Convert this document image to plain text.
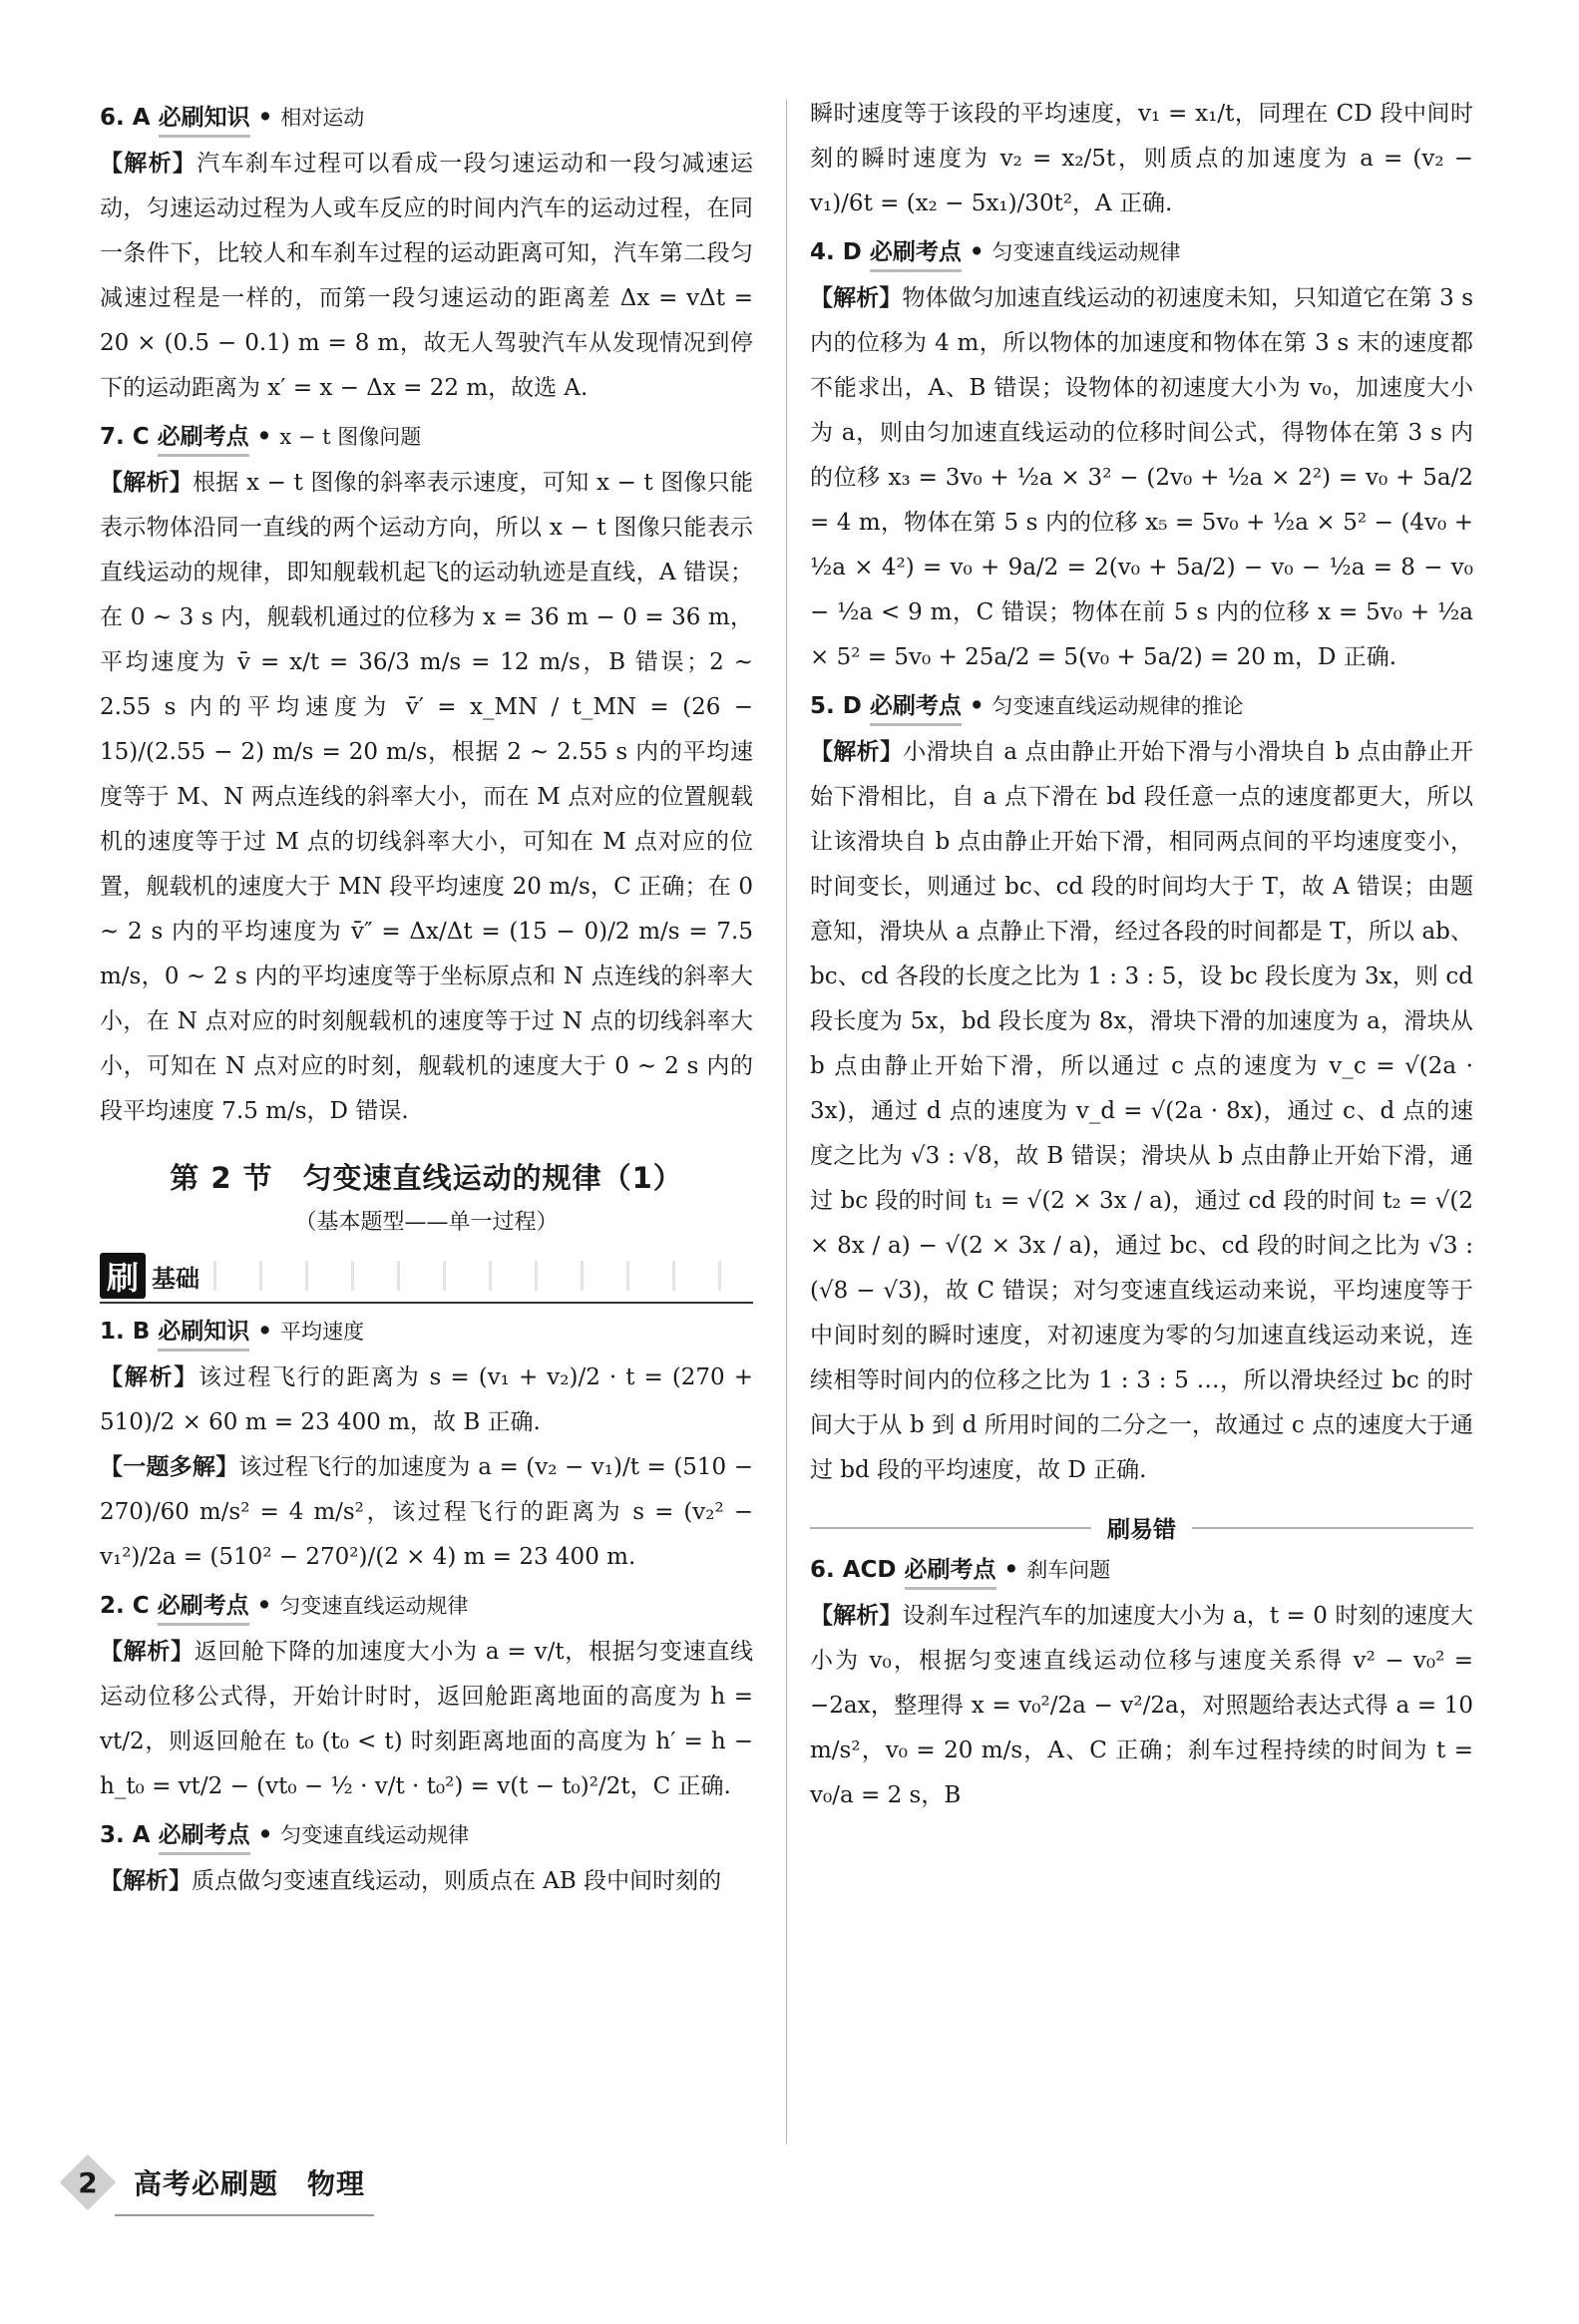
6. A 必刷知识 • 相对运动

【解析】汽车刹车过程可以看成一段匀速运动和一段匀减速运动，匀速运动过程为人或车反应的时间内汽车的运动过程，在同一条件下，比较人和车刹车过程的运动距离可知，汽车第二段匀减速过程是一样的，而第一段匀速运动的距离差 Δx = vΔt = 20 × (0.5 − 0.1) m = 8 m，故无人驾驶汽车从发现情况到停下的运动距离为 x′ = x − Δx = 22 m，故选 A.

7. C 必刷考点 • x − t 图像问题

【解析】根据 x − t 图像的斜率表示速度，可知 x − t 图像只能表示物体沿同一直线的两个运动方向，所以 x − t 图像只能表示直线运动的规律，即知舰载机起飞的运动轨迹是直线，A 错误；在 0 ~ 3 s 内，舰载机通过的位移为 x = 36 m − 0 = 36 m，平均速度为 v̄ = x/t = 36/3 m/s = 12 m/s，B 错误；2 ~ 2.55 s 内的平均速度为 v̄′ = x_MN / t_MN = (26 − 15)/(2.55 − 2) m/s = 20 m/s，根据 2 ~ 2.55 s 内的平均速度等于 M、N 两点连线的斜率大小，而在 M 点对应的位置舰载机的速度等于过 M 点的切线斜率大小，可知在 M 点对应的位置，舰载机的速度大于 MN 段平均速度 20 m/s，C 正确；在 0 ~ 2 s 内的平均速度为 v̄″ = Δx/Δt = (15 − 0)/2 m/s = 7.5 m/s，0 ~ 2 s 内的平均速度等于坐标原点和 N 点连线的斜率大小，在 N 点对应的时刻舰载机的速度等于过 N 点的切线斜率大小，可知在 N 点对应的时刻，舰载机的速度大于 0 ~ 2 s 内的段平均速度 7.5 m/s，D 错误.

第 2 节　匀变速直线运动的规律（1）
（基本题型——单一过程）
刷 基础
1. B 必刷知识 • 平均速度

【解析】该过程飞行的距离为 s = (v₁ + v₂)/2 · t = (270 + 510)/2 × 60 m = 23 400 m，故 B 正确.

【一题多解】该过程飞行的加速度为 a = (v₂ − v₁)/t = (510 − 270)/60 m/s² = 4 m/s²，该过程飞行的距离为 s = (v₂² − v₁²)/2a = (510² − 270²)/(2 × 4) m = 23 400 m.

2. C 必刷考点 • 匀变速直线运动规律

【解析】返回舱下降的加速度大小为 a = v/t，根据匀变速直线运动位移公式得，开始计时时，返回舱距离地面的高度为 h = vt/2，则返回舱在 t₀ (t₀ < t) 时刻距离地面的高度为 h′ = h − h_t₀ = vt/2 − (vt₀ − ½ · v/t · t₀²) = v(t − t₀)²/2t，C 正确.

3. A 必刷考点 • 匀变速直线运动规律

【解析】质点做匀变速直线运动，则质点在 AB 段中间时刻的

瞬时速度等于该段的平均速度，v₁ = x₁/t，同理在 CD 段中间时刻的瞬时速度为 v₂ = x₂/5t，则质点的加速度为 a = (v₂ − v₁)/6t = (x₂ − 5x₁)/30t²，A 正确.

4. D 必刷考点 • 匀变速直线运动规律

【解析】物体做匀加速直线运动的初速度未知，只知道它在第 3 s 内的位移为 4 m，所以物体的加速度和物体在第 3 s 末的速度都不能求出，A、B 错误；设物体的初速度大小为 v₀，加速度大小为 a，则由匀加速直线运动的位移时间公式，得物体在第 3 s 内的位移 x₃ = 3v₀ + ½a × 3² − (2v₀ + ½a × 2²) = v₀ + 5a/2 = 4 m，物体在第 5 s 内的位移 x₅ = 5v₀ + ½a × 5² − (4v₀ + ½a × 4²) = v₀ + 9a/2 = 2(v₀ + 5a/2) − v₀ − ½a = 8 − v₀ − ½a < 9 m，C 错误；物体在前 5 s 内的位移 x = 5v₀ + ½a × 5² = 5v₀ + 25a/2 = 5(v₀ + 5a/2) = 20 m，D 正确.

5. D 必刷考点 • 匀变速直线运动规律的推论

【解析】小滑块自 a 点由静止开始下滑与小滑块自 b 点由静止开始下滑相比，自 a 点下滑在 bd 段任意一点的速度都更大，所以让该滑块自 b 点由静止开始下滑，相同两点间的平均速度变小，时间变长，则通过 bc、cd 段的时间均大于 T，故 A 错误；由题意知，滑块从 a 点静止下滑，经过各段的时间都是 T，所以 ab、bc、cd 各段的长度之比为 1 : 3 : 5，设 bc 段长度为 3x，则 cd 段长度为 5x，bd 段长度为 8x，滑块下滑的加速度为 a，滑块从 b 点由静止开始下滑，所以通过 c 点的速度为 v_c = √(2a · 3x)，通过 d 点的速度为 v_d = √(2a · 8x)，通过 c、d 点的速度之比为 √3 : √8，故 B 错误；滑块从 b 点由静止开始下滑，通过 bc 段的时间 t₁ = √(2 × 3x / a)，通过 cd 段的时间 t₂ = √(2 × 8x / a) − √(2 × 3x / a)，通过 bc、cd 段的时间之比为 √3 : (√8 − √3)，故 C 错误；对匀变速直线运动来说，平均速度等于中间时刻的瞬时速度，对初速度为零的匀加速直线运动来说，连续相等时间内的位移之比为 1 : 3 : 5 …，所以滑块经过 bc 的时间大于从 b 到 d 所用时间的二分之一，故通过 c 点的速度大于通过 bd 段的平均速度，故 D 正确.

刷易错
6. ACD 必刷考点 • 刹车问题

【解析】设刹车过程汽车的加速度大小为 a，t = 0 时刻的速度大小为 v₀，根据匀变速直线运动位移与速度关系得 v² − v₀² = −2ax，整理得 x = v₀²/2a − v²/2a，对照题给表达式得 a = 10 m/s²，v₀ = 20 m/s，A、C 正确；刹车过程持续的时间为 t = v₀/a = 2 s，B

2	高考必刷题　物理
